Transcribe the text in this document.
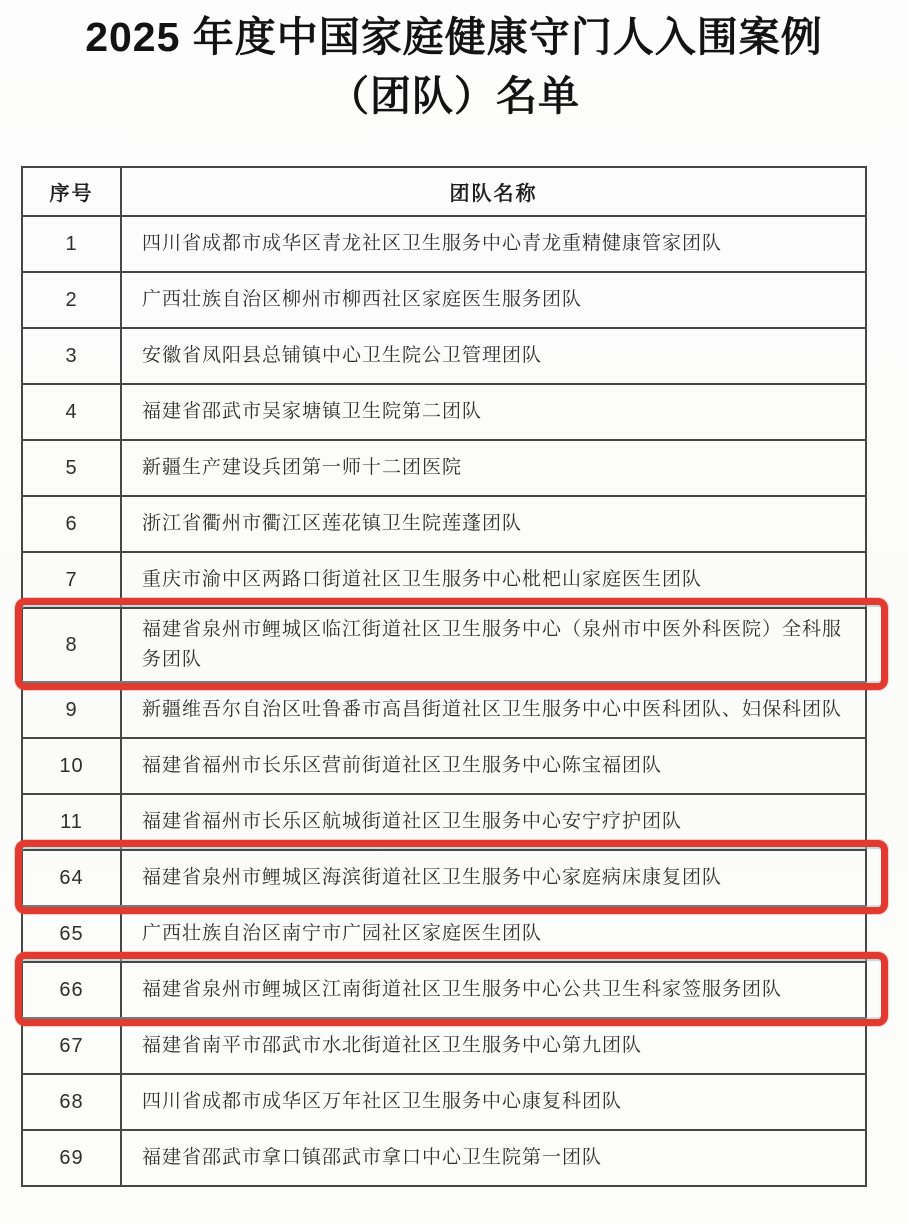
2025 年度中国家庭健康守门人入围案例
（团队）名单
序号	团队名称
1	四川省成都市成华区青龙社区卫生服务中心青龙重精健康管家团队
2	广西壮族自治区柳州市柳西社区家庭医生服务团队
3	安徽省凤阳县总铺镇中心卫生院公卫管理团队
4	福建省邵武市吴家塘镇卫生院第二团队
5	新疆生产建设兵团第一师十二团医院
6	浙江省衢州市衢江区莲花镇卫生院莲蓬团队
7	重庆市渝中区两路口街道社区卫生服务中心枇杷山家庭医生团队
8	福建省泉州市鲤城区临江街道社区卫生服务中心（泉州市中医外科医院）全科服务团队
9	新疆维吾尔自治区吐鲁番市高昌街道社区卫生服务中心中医科团队、妇保科团队
10	福建省福州市长乐区营前街道社区卫生服务中心陈宝福团队
11	福建省福州市长乐区航城街道社区卫生服务中心安宁疗护团队
64	福建省泉州市鲤城区海滨街道社区卫生服务中心家庭病床康复团队
65	广西壮族自治区南宁市广园社区家庭医生团队
66	福建省泉州市鲤城区江南街道社区卫生服务中心公共卫生科家签服务团队
67	福建省南平市邵武市水北街道社区卫生服务中心第九团队
68	四川省成都市成华区万年社区卫生服务中心康复科团队
69	福建省邵武市拿口镇邵武市拿口中心卫生院第一团队
